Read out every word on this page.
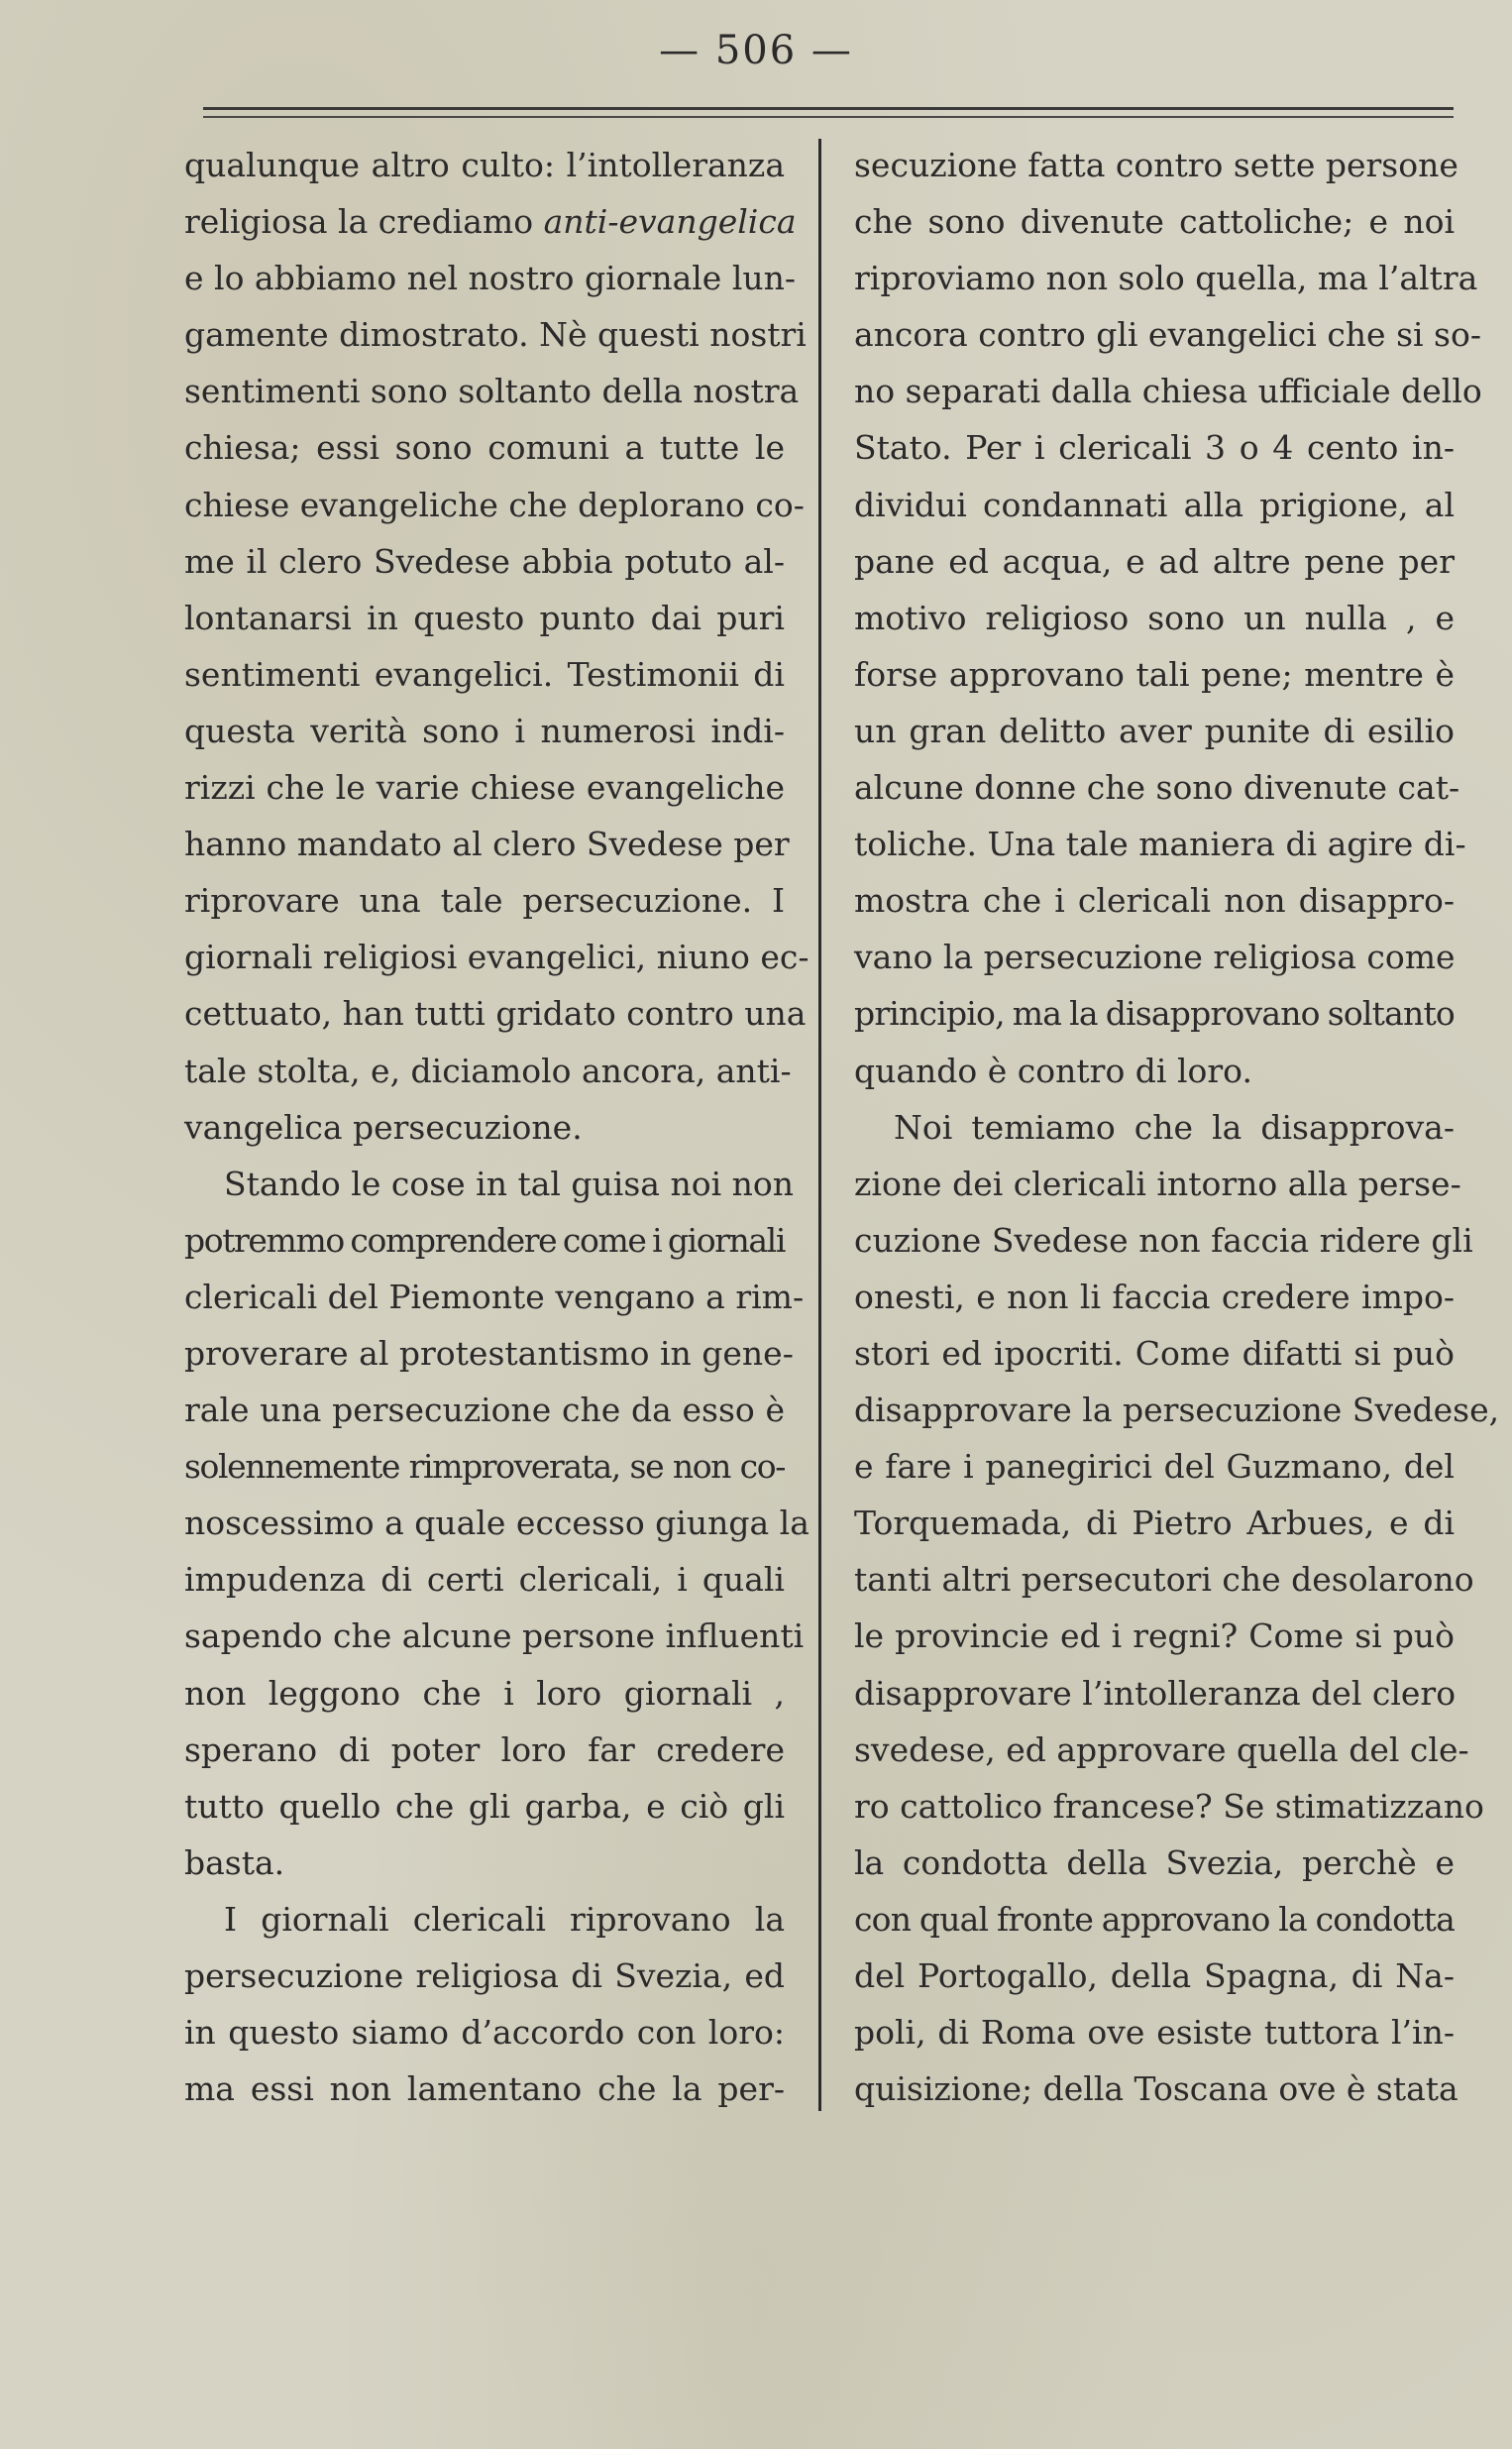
— 506 —
qualunque altro culto: l’intolleranza
religiosa la crediamo anti-evangelica
e lo abbiamo nel nostro giornale lun-
gamente dimostrato. Nè questi nostri
sentimenti sono soltanto della nostra
chiesa; essi sono comuni a tutte le
chiese evangeliche che deplorano co-
me il clero Svedese abbia potuto al-
lontanarsi in questo punto dai puri
sentimenti evangelici. Testimonii di
questa verità sono i numerosi indi-
rizzi che le varie chiese evangeliche
hanno mandato al clero Svedese per
riprovare una tale persecuzione. I
giornali religiosi evangelici, niuno ec-
cettuato, han tutti gridato contro una
tale stolta, e, diciamolo ancora, anti-
vangelica persecuzione.
Stando le cose in tal guisa noi non
potremmo comprendere come i giornali
clericali del Piemonte vengano a rim-
proverare al protestantismo in gene-
rale una persecuzione che da esso è
solennemente rimproverata, se non co-
noscessimo a quale eccesso giunga la
impudenza di certi clericali, i quali
sapendo che alcune persone influenti
non leggono che i loro giornali ,
sperano di poter loro far credere
tutto quello che gli garba, e ciò gli
basta.
I giornali clericali riprovano la
persecuzione religiosa di Svezia, ed
in questo siamo d’accordo con loro:
ma essi non lamentano che la per-
secuzione fatta contro sette persone
che sono divenute cattoliche; e noi
riproviamo non solo quella, ma l’altra
ancora contro gli evangelici che si so-
no separati dalla chiesa ufficiale dello
Stato. Per i clericali 3 o 4 cento in-
dividui condannati alla prigione, al
pane ed acqua, e ad altre pene per
motivo religioso sono un nulla , e
forse approvano tali pene; mentre è
un gran delitto aver punite di esilio
alcune donne che sono divenute cat-
toliche. Una tale maniera di agire di-
mostra che i clericali non disappro-
vano la persecuzione religiosa come
principio, ma la disapprovano soltanto
quando è contro di loro.
Noi temiamo che la disapprova-
zione dei clericali intorno alla perse-
cuzione Svedese non faccia ridere gli
onesti, e non li faccia credere impo-
stori ed ipocriti. Come difatti si può
disapprovare la persecuzione Svedese,
e fare i panegirici del Guzmano, del
Torquemada, di Pietro Arbues, e di
tanti altri persecutori che desolarono
le provincie ed i regni? Come si può
disapprovare l’intolleranza del clero
svedese, ed approvare quella del cle-
ro cattolico francese? Se stimatizzano
la condotta della Svezia, perchè e
con qual fronte approvano la condotta
del Portogallo, della Spagna, di Na-
poli, di Roma ove esiste tuttora l’in-
quisizione; della Toscana ove è stata
